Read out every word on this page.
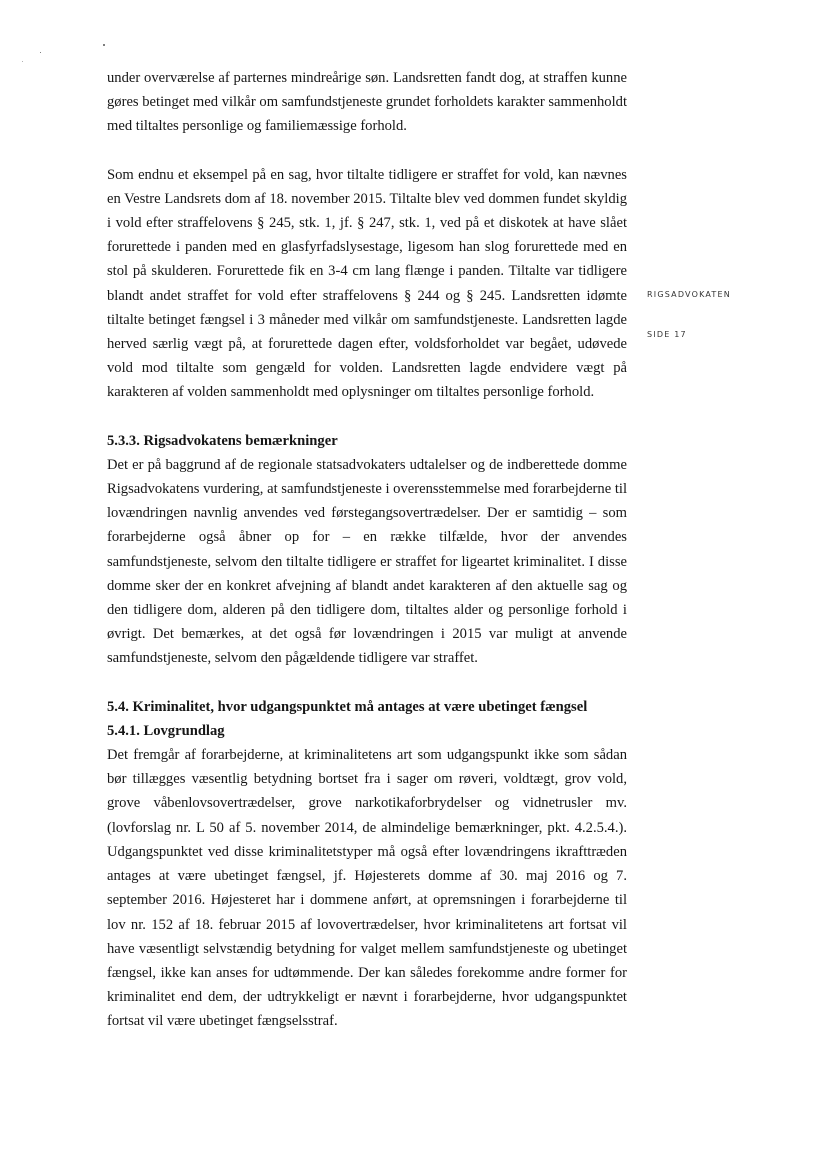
under overværelse af parternes mindreårige søn. Landsretten fandt dog, at straffen kunne gøres betinget med vilkår om samfundstjeneste grundet forholdets karakter sammenholdt med tiltaltes personlige og familiemæssige forhold.

Som endnu et eksempel på en sag, hvor tiltalte tidligere er straffet for vold, kan nævnes en Vestre Landsrets dom af 18. november 2015. Tiltalte blev ved dommen fundet skyldig i vold efter straffelovens § 245, stk. 1, jf. § 247, stk. 1, ved på et diskotek at have slået forurettede i panden med en glasfyrfadslysestage, ligesom han slog forurettede med en stol på skulderen. Forurettede fik en 3-4 cm lang flænge i panden. Tiltalte var tidligere blandt andet straffet for vold efter straffelovens § 244 og § 245. Landsretten idømte tiltalte betinget fængsel i 3 måneder med vilkår om samfundstjeneste. Landsretten lagde herved særlig vægt på, at forurettede dagen efter, voldsforholdet var begået, udøvede vold mod tiltalte som gengæld for volden. Landsretten lagde endvidere vægt på karakteren af volden sammenholdt med oplysninger om tiltaltes personlige forhold.

5.3.3. Rigsadvokatens bemærkninger

Det er på baggrund af de regionale statsadvokaters udtalelser og de indberettede domme Rigsadvokatens vurdering, at samfundstjeneste i overensstemmelse med forarbejderne til lovændringen navnlig anvendes ved førstegangsovertrædelser. Der er samtidig – som forarbejderne også åbner op for – en række tilfælde, hvor der anvendes samfundstjeneste, selvom den tiltalte tidligere er straffet for ligeartet kriminalitet. I disse domme sker der en konkret afvejning af blandt andet karakteren af den aktuelle sag og den tidligere dom, alderen på den tidligere dom, tiltaltes alder og personlige forhold i øvrigt. Det bemærkes, at det også før lovændringen i 2015 var muligt at anvende samfundstjeneste, selvom den pågældende tidligere var straffet.

5.4. Kriminalitet, hvor udgangspunktet må antages at være ubetinget fængsel

5.4.1. Lovgrundlag

Det fremgår af forarbejderne, at kriminalitetens art som udgangspunkt ikke som sådan bør tillægges væsentlig betydning bortset fra i sager om røveri, voldtægt, grov vold, grove våbenlovsovertrædelser, grove narkotikaforbrydelser og vidnetrusler mv. (lovforslag nr. L 50 af 5. november 2014, de almindelige bemærkninger, pkt. 4.2.5.4.). Udgangspunktet ved disse kriminalitetstyper må også efter lovændringens ikrafttræden antages at være ubetinget fængsel, jf. Højesterets domme af 30. maj 2016 og 7. september 2016. Højesteret har i dommene anført, at opremsningen i forarbejderne til lov nr. 152 af 18. februar 2015 af lovovertrædelser, hvor kriminalitetens art fortsat vil have væsentligt selvstændig betydning for valget mellem samfundstjeneste og ubetinget fængsel, ikke kan anses for udtømmende. Der kan således forekomme andre former for kriminalitet end dem, der udtrykkeligt er nævnt i forarbejderne, hvor udgangspunktet fortsat vil være ubetinget fængselsstraf.

RIGSADVOKATEN
SIDE 17
